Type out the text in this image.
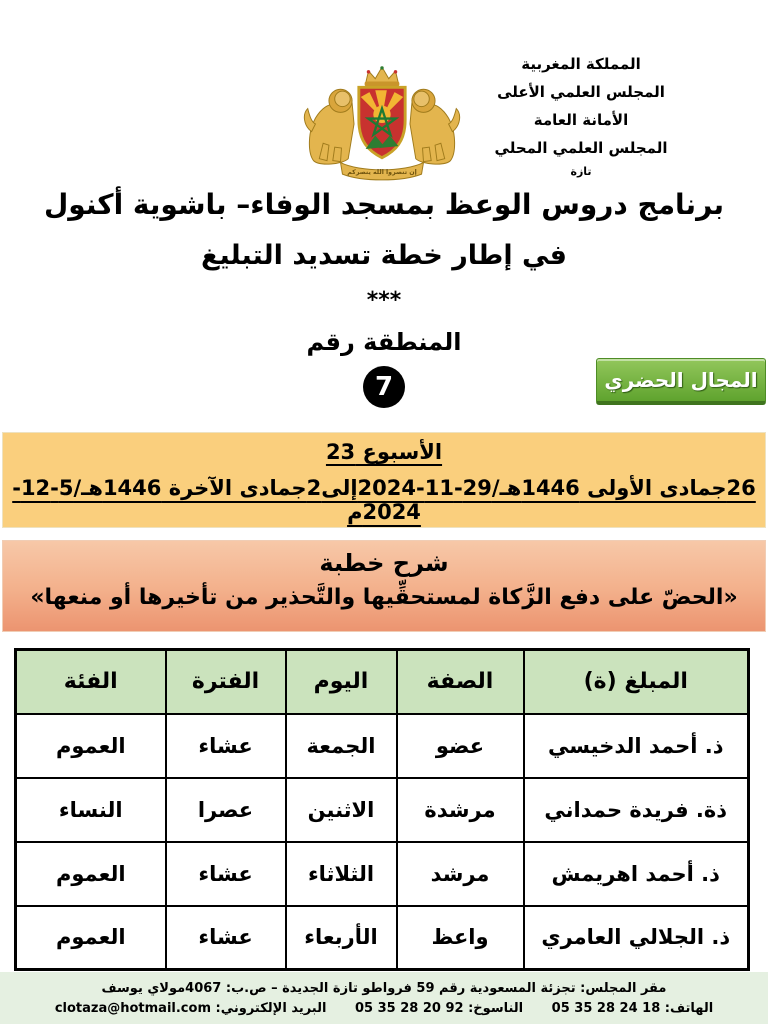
المملكة المغربية
المجلس العلمي الأعلى
الأمانة العامة
المجلس العلمي المحلي
تازة
إن تنصروا الله ينصركم
برنامج دروس الوعظ بمسجد الوفاء– باشوية أكنول
في إطار خطة تسديد التبليغ
***
المنطقة رقم
7	المجال الحضري
الأسبوع 23
26جمادى الأولى 1446هـ/29-11-2024إلى2جمادى الآخرة 1446هـ/5-12-2024م
شرح خطبة
«الحضّ على دفع الزَّكاة لمستحقِّيها والتَّحذير من تأخيرها أو منعها»
المبلغ (ة)	الصفة	اليوم	الفترة	الفئة
ذ. أحمد الدخيسي	عضو	الجمعة	عشاء	العموم
ذة. فريدة حمداني	مرشدة	الاثنين	عصرا	النساء
ذ. أحمد اهريمش	مرشد	الثلاثاء	عشاء	العموم
ذ. الجلالي العامري	واعظ	الأربعاء	عشاء	العموم
مقر المجلس: تجزئة المسعودية رقم 59 فرواطو تازة الجديدة – ص.ب: 4067مولاي يوسف
الهاتف: 18 24 28 35 05 الناسوخ: 92 20 28 35 05 البريد الإلكتروني: clotaza@hotmail.com
